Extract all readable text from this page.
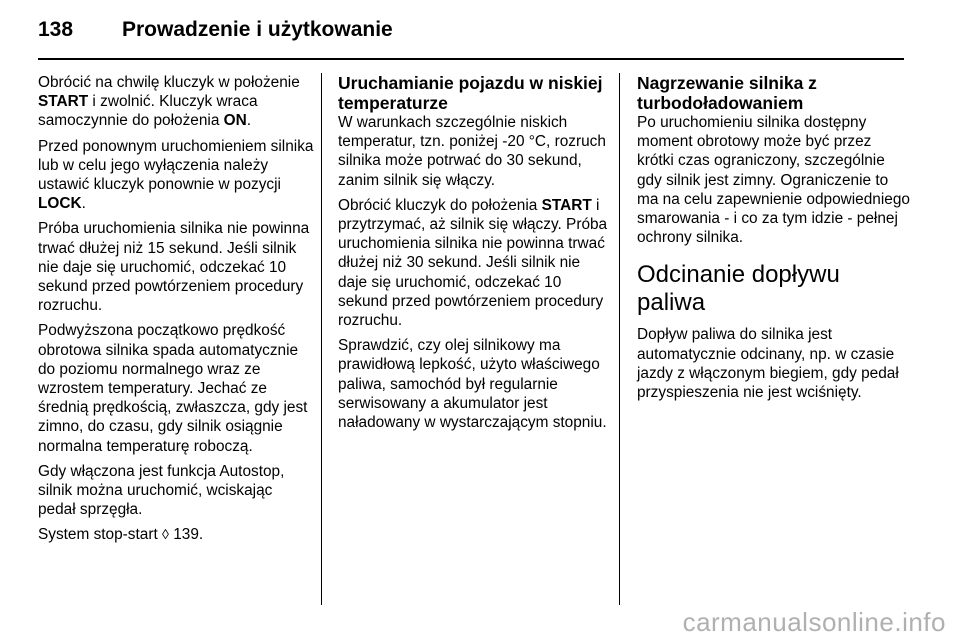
138	Prowadzenie i użytkowanie

Obrócić na chwilę kluczyk w położenie START i zwolnić. Kluczyk wraca samoczynnie do położenia ON.

Przed ponownym uruchomieniem silnika lub w celu jego wyłączenia należy ustawić kluczyk ponownie w pozycji LOCK.

Próba uruchomienia silnika nie powinna trwać dłużej niż 15 sekund. Jeśli silnik nie daje się uruchomić, odczekać 10 sekund przed powtórzeniem procedury rozruchu.

Podwyższona początkowo prędkość obrotowa silnika spada automatycznie do poziomu normalnego wraz ze wzrostem temperatury. Jechać ze średnią prędkością, zwłaszcza, gdy jest zimno, do czasu, gdy silnik osiągnie normalna temperaturę roboczą.

Gdy włączona jest funkcja Autostop, silnik można uruchomić, wciskając pedał sprzęgła.

System stop-start ◊ 139.

Uruchamianie pojazdu w niskiej temperaturze

W warunkach szczególnie niskich temperatur, tzn. poniżej -20 °C, rozruch silnika może potrwać do 30 sekund, zanim silnik się włączy.

Obrócić kluczyk do położenia START i przytrzymać, aż silnik się włączy. Próba uruchomienia silnika nie powinna trwać dłużej niż 30 sekund. Jeśli silnik nie daje się uruchomić, odczekać 10 sekund przed powtórzeniem procedury rozruchu.

Sprawdzić, czy olej silnikowy ma prawidłową lepkość, użyto właściwego paliwa, samochód był regularnie serwisowany a akumulator jest naładowany w wystarczającym stopniu.

Nagrzewanie silnika z turbodoładowaniem

Po uruchomieniu silnika dostępny moment obrotowy może być przez krótki czas ograniczony, szczególnie gdy silnik jest zimny. Ograniczenie to ma na celu zapewnienie odpowiedniego smarowania - i co za tym idzie - pełnej ochrony silnika.

Odcinanie dopływu paliwa

Dopływ paliwa do silnika jest automatycznie odcinany, np. w czasie jazdy z włączonym biegiem, gdy pedał przyspieszenia nie jest wciśnięty.

carmanualsonline.info
